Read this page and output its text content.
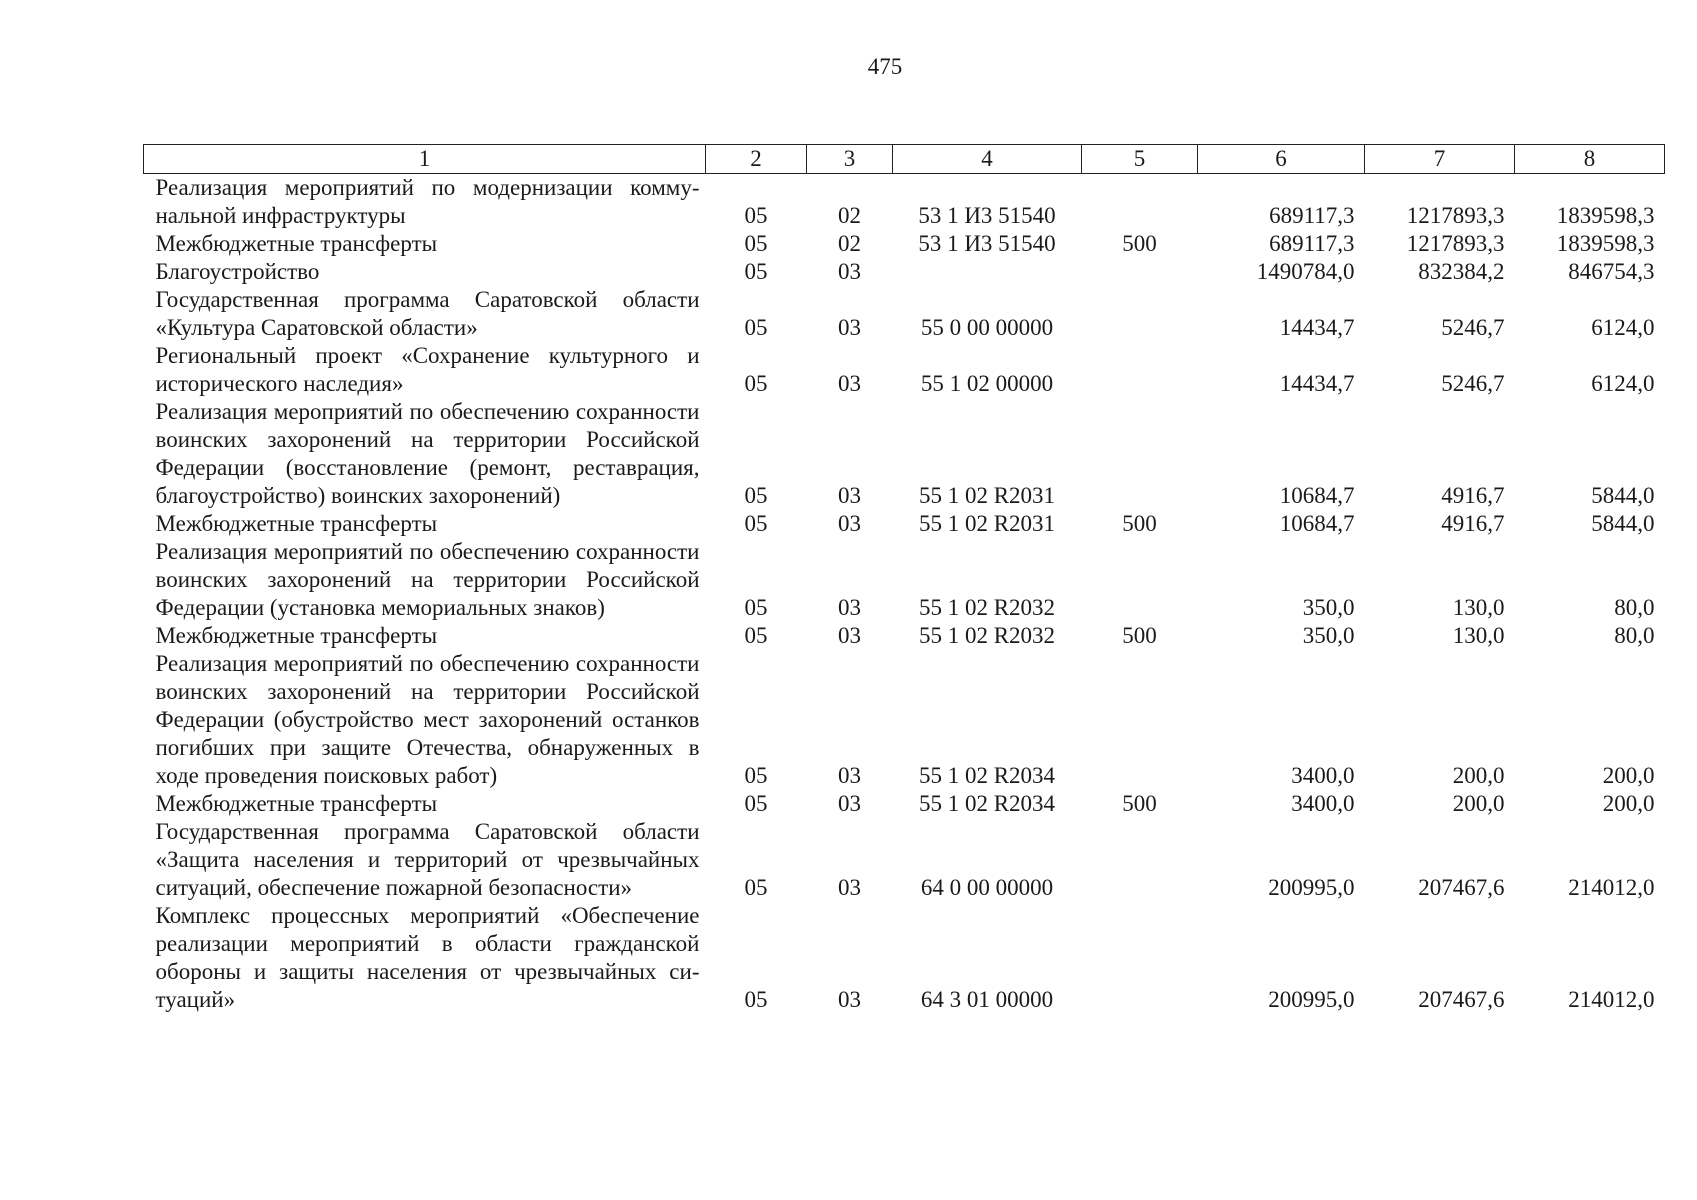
475
1	2	3	4	5	6	7	8
Реализация мероприятий по модернизации коммунальной инфраструктуры	05	02	53 1 И3 51540		689117,3	1217893,3	1839598,3
Межбюджетные трансферты	05	02	53 1 И3 51540	500	689117,3	1217893,3	1839598,3
Благоустройство	05	03			1490784,0	832384,2	846754,3
Государственная программа Саратовской области «Культура Саратовской области»	05	03	55 0 00 00000		14434,7	5246,7	6124,0
Региональный проект «Сохранение культурного и исторического наследия»	05	03	55 1 02 00000		14434,7	5246,7	6124,0
Реализация мероприятий по обеспечению сохранности воинских захоронений на территории Российской Федерации (восстановление (ремонт, реставрация, благоустройство) воинских захоронений)	05	03	55 1 02 R2031		10684,7	4916,7	5844,0
Межбюджетные трансферты	05	03	55 1 02 R2031	500	10684,7	4916,7	5844,0
Реализация мероприятий по обеспечению сохранности воинских захоронений на территории Российской Федерации (установка мемориальных знаков)	05	03	55 1 02 R2032		350,0	130,0	80,0
Межбюджетные трансферты	05	03	55 1 02 R2032	500	350,0	130,0	80,0
Реализация мероприятий по обеспечению сохранности воинских захоронений на территории Российской Федерации (обустройство мест захоронений останков погибших при защите Отечества, обнаруженных в ходе проведения поисковых работ)	05	03	55 1 02 R2034		3400,0	200,0	200,0
Межбюджетные трансферты	05	03	55 1 02 R2034	500	3400,0	200,0	200,0
Государственная программа Саратовской области «Защита населения и территорий от чрезвычайных ситуаций, обеспечение пожарной безопасности»	05	03	64 0 00 00000		200995,0	207467,6	214012,0
Комплекс процессных мероприятий «Обеспечение реализации мероприятий в области гражданской обороны и защиты населения от чрезвычайных ситуаций»	05	03	64 3 01 00000		200995,0	207467,6	214012,0
